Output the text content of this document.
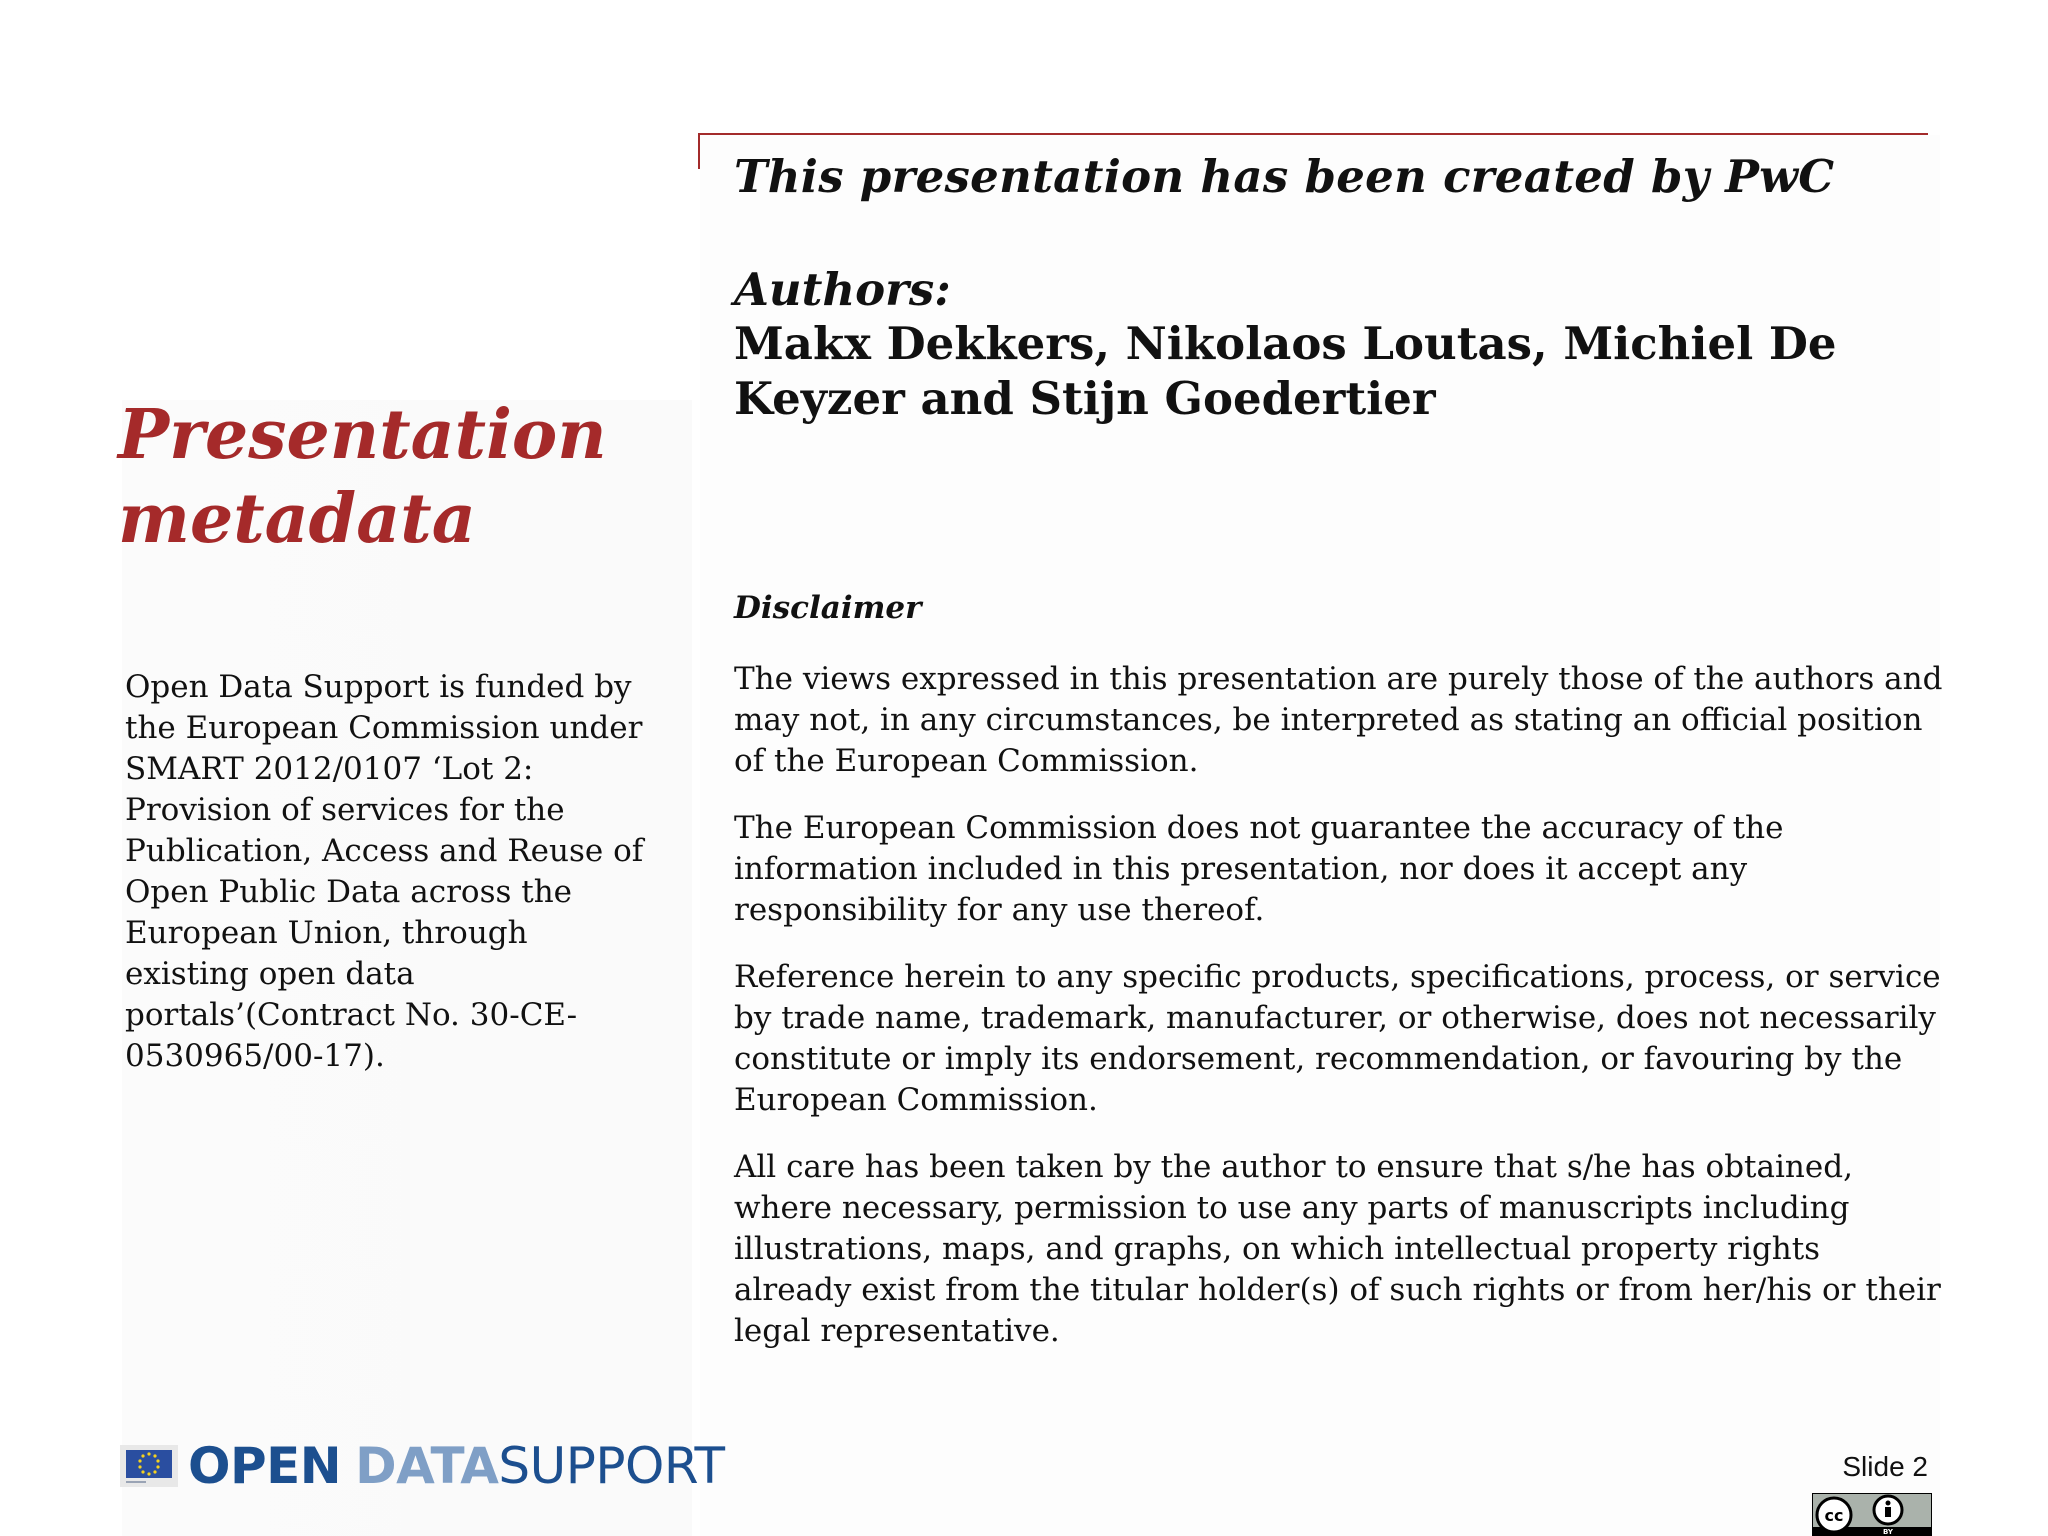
This presentation has been created by PwC
Authors:

Makx Dekkers, Nikolaos Loutas, Michiel De Keyzer and Stijn Goedertier

Presentation metadata

Open Data Support is funded by the European Commission under SMART 2012/0107 ‘Lot 2: Provision of services for the Publication, Access and Reuse of Open Public Data across the European Union, through existing open data portals’(Contract No. 30-CE-0530965/00-17).

Disclaimer

The views expressed in this presentation are purely those of the authors and may not, in any circumstances, be interpreted as stating an official position of the European Commission.

The European Commission does not guarantee the accuracy of the information included in this presentation, nor does it accept any responsibility for any use thereof.

Reference herein to any specific products, specifications, process, or service by trade name, trademark, manufacturer, or otherwise, does not necessarily constitute or imply its endorsement, recommendation, or favouring by the European Commission.

All care has been taken by the author to ensure that s/he has obtained, where necessary, permission to use any parts of manuscripts including illustrations, maps, and graphs, on which intellectual property rights already exist from the titular holder(s) of such rights or from her/his or their legal representative.

OPEN DATASUPPORT	Slide 2
cc
BY
